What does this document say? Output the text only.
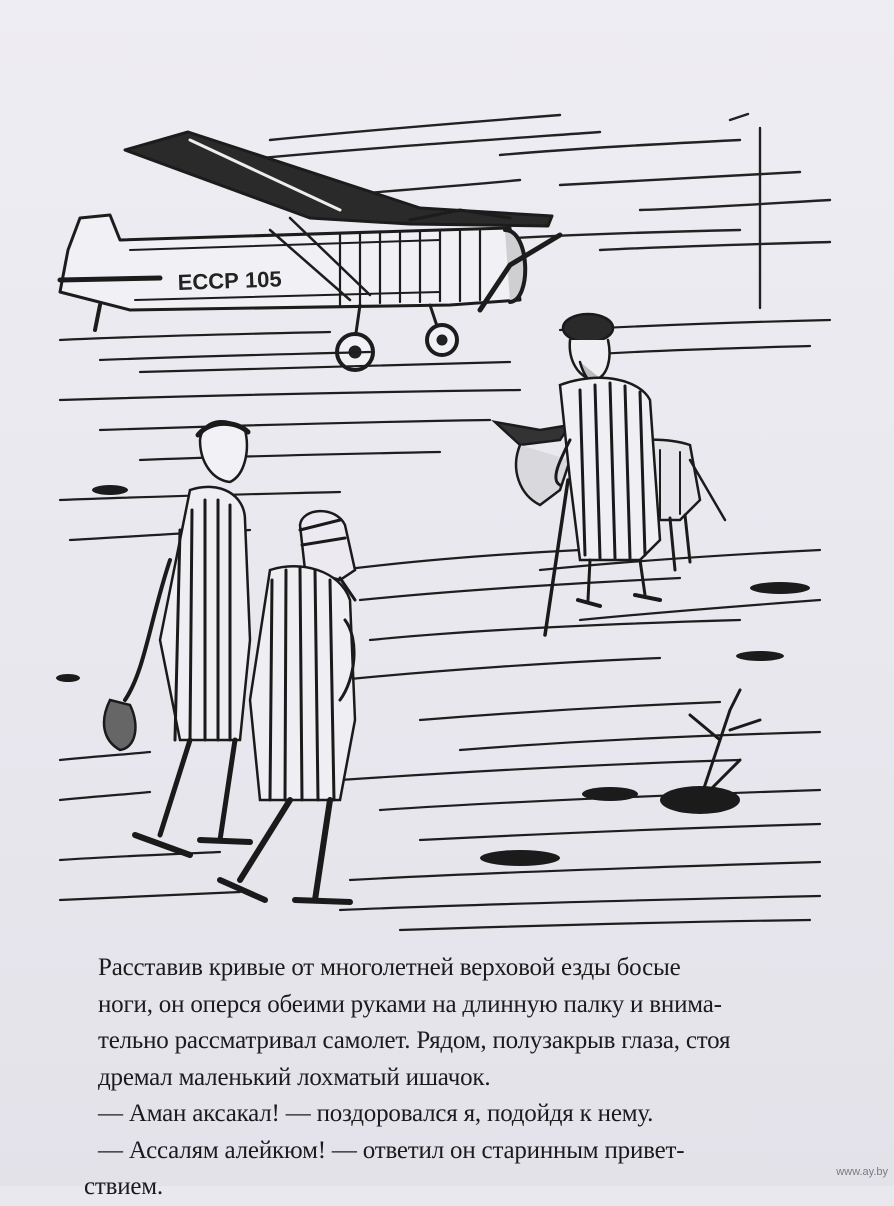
ЕССР 105

Расставив кривые от многолетней верховой езды босые
ноги, он оперся обеими руками на длинную палку и внима-
тельно рассматривал самолет. Рядом, полузакрыв глаза, стоя
дремал маленький лохматый ишачок.

— Аман аксакал! — поздоровался я, подойдя к нему.

— Ассалям алейкюм! — ответил он старинным привет-
ствием.

www.ay.by
